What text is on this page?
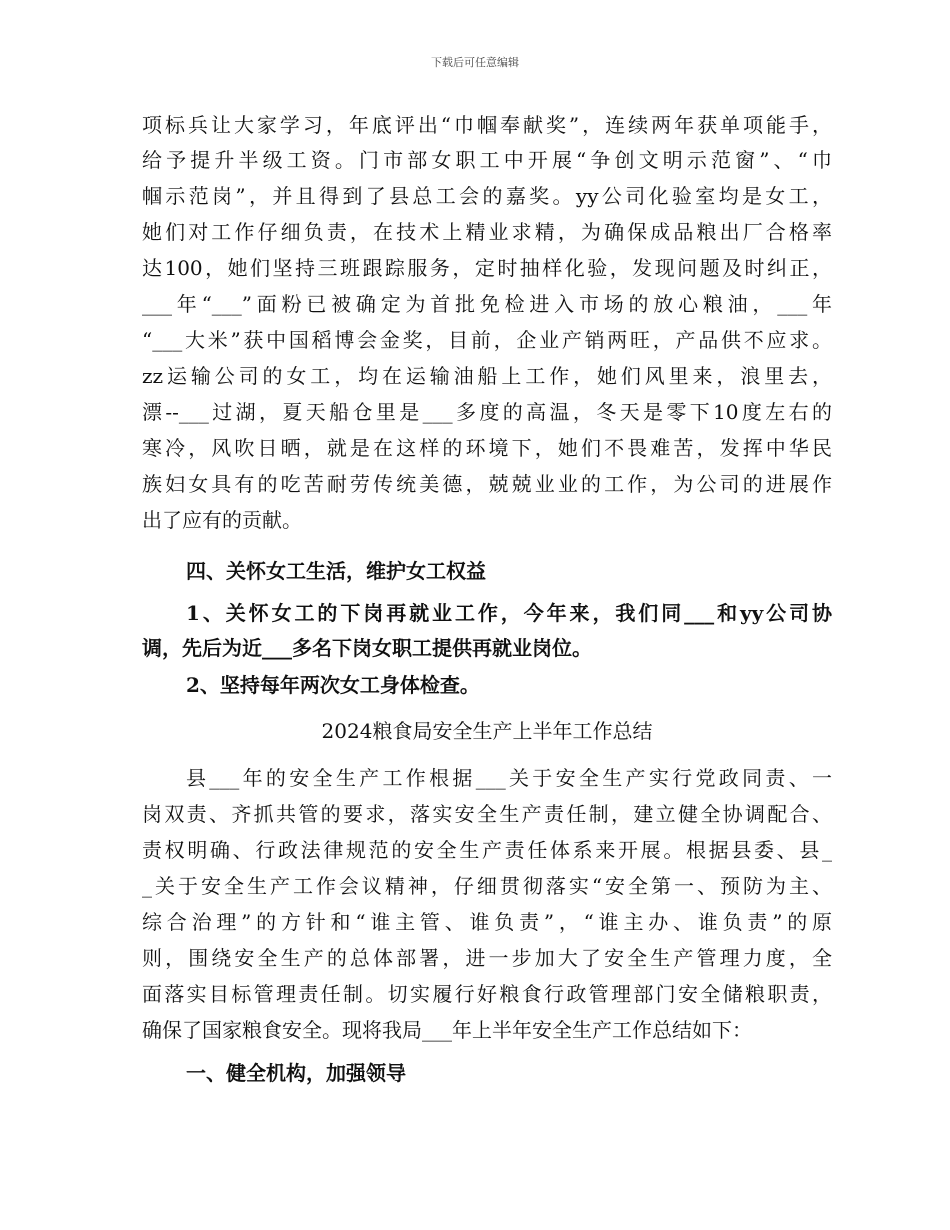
下载后可任意编辑
项标兵让大家学习，年底评出“巾帼奉献奖”，连续两年获单项能手，
给予提升半级工资。门市部女职工中开展“争创文明示范窗”、“巾
帼示范岗”，并且得到了县总工会的嘉奖。yy公司化验室均是女工，
她们对工作仔细负责，在技术上精业求精，为确保成品粮出厂合格率
达100，她们坚持三班跟踪服务，定时抽样化验，发现问题及时纠正，
___年“___”面粉已被确定为首批免检进入市场的放心粮油，___年
“___大米”获中国稻博会金奖，目前，企业产销两旺，产品供不应求。
zz运输公司的女工，均在运输油船上工作，她们风里来，浪里去，
漂--___过湖，夏天船仓里是___多度的高温，冬天是零下10度左右的
寒冷，风吹日晒，就是在这样的环境下，她们不畏难苦，发挥中华民
族妇女具有的吃苦耐劳传统美德，兢兢业业的工作，为公司的进展作
出了应有的贡献。
四、关怀女工生活，维护女工权益
1、关怀女工的下岗再就业工作，今年来，我们同___和yy公司协
调，先后为近___多名下岗女职工提供再就业岗位。
2、坚持每年两次女工身体检查。
2024粮食局安全生产上半年工作总结
县___年的安全生产工作根据___关于安全生产实行党政同责、一
岗双责、齐抓共管的要求，落实安全生产责任制，建立健全协调配合、
责权明确、行政法律规范的安全生产责任体系来开展。根据县委、县_
_关于安全生产工作会议精神，仔细贯彻落实“安全第一、预防为主、
综合治理”的方针和“谁主管、谁负责”，“谁主办、谁负责”的原
则，围绕安全生产的总体部署，进一步加大了安全生产管理力度，全
面落实目标管理责任制。切实履行好粮食行政管理部门安全储粮职责，
确保了国家粮食安全。现将我局___年上半年安全生产工作总结如下：
一、健全机构，加强领导
